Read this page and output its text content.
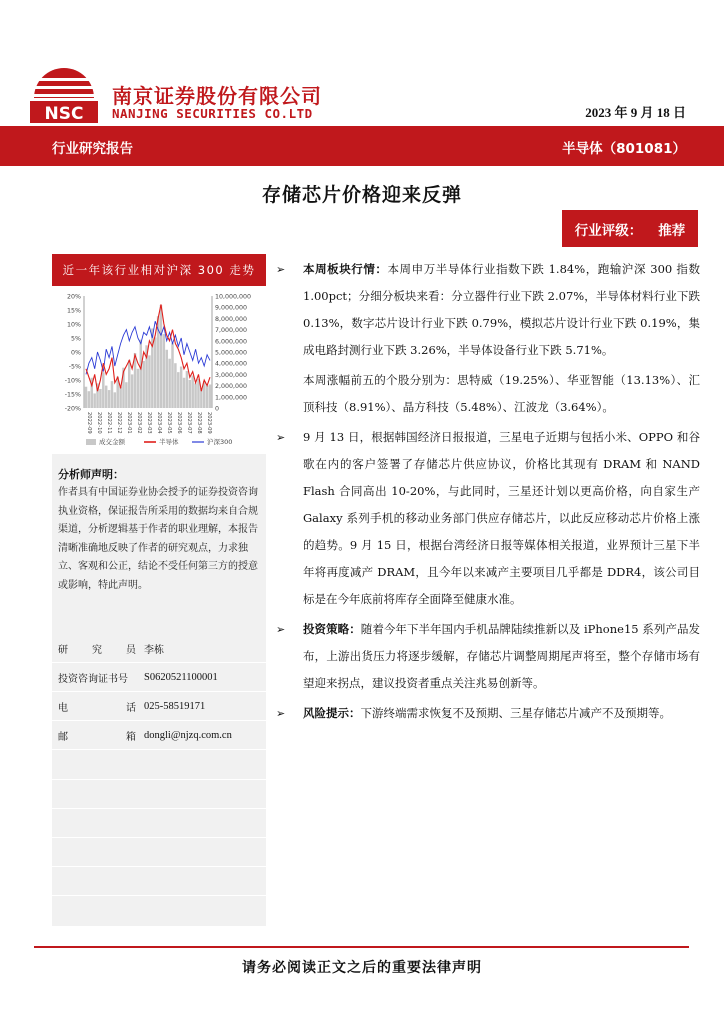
NSC
南京证券股份有限公司
NANJING SECURITIES CO.LTD	2023 年 9 月 18 日
行业研究报告	半导体（801081）
存储芯片价格迎来反弹
行业评级： 推荐
近一年该行业相对沪深 300 走势
20%
15%
10%
5%
0%
-5%
-10%
-15%
-20%
10,000,000
9,000,000
8,000,000
7,000,000
6,000,000
5,000,000
4,000,000
3,000,000
2,000,000
1,000,000
0
2022-09 2022-10 2022-11 2022-12 2023-01 2023-02 2023-03 2023-04 2023-05 2023-06 2023-07 2023-08 2023-09
成交金额	半导体	沪深300
分析师声明：
作者具有中国证券业协会授予的证券投资咨询执业资格，保证报告所采用的数据均来自合规渠道，分析逻辑基于作者的职业理解，本报告清晰准确地反映了作者的研究观点，力求独立、客观和公正，结论不受任何第三方的授意或影响，特此声明。
研 究 员 李栋
投资咨询证书号	S0620521100001
电	话 025-58519171
邮	箱 dongli@njzq.com.cn
➢ 本周板块行情：本周申万半导体行业指数下跌 1.84%，跑输沪深 300 指数 1.00pct；分细分板块来看：分立器件行业下跌 2.07%，半导体材料行业下跌 0.13%，数字芯片设计行业下跌 0.79%，模拟芯片设计行业下跌 0.19%，集成电路封测行业下跌 3.26%，半导体设备行业下跌 5.71%。
本周涨幅前五的个股分别为：思特威（19.25%）、华亚智能（13.13%）、汇顶科技（8.91%）、晶方科技（5.48%）、江波龙（3.64%）。
➢ 9 月 13 日，根据韩国经济日报报道，三星电子近期与包括小米、OPPO 和谷歌在内的客户签署了存储芯片供应协议，价格比其现有 DRAM 和 NAND Flash 合同高出 10-20%，与此同时，三星还计划以更高价格，向自家生产 Galaxy 系列手机的移动业务部门供应存储芯片，以此反应移动芯片价格上涨的趋势。9 月 15 日，根据台湾经济日报等媒体相关报道，业界预计三星下半年将再度减产 DRAM，且今年以来减产主要项目几乎都是 DDR4，该公司目标是在今年底前将库存全面降至健康水准。
➢ 投资策略：随着今年下半年国内手机品牌陆续推新以及 iPhone15 系列产品发布，上游出货压力将逐步缓解，存储芯片调整周期尾声将至，整个存储市场有望迎来拐点，建议投资者重点关注兆易创新等。
➢ 风险提示：下游终端需求恢复不及预期、三星存储芯片减产不及预期等。
请务必阅读正文之后的重要法律声明
